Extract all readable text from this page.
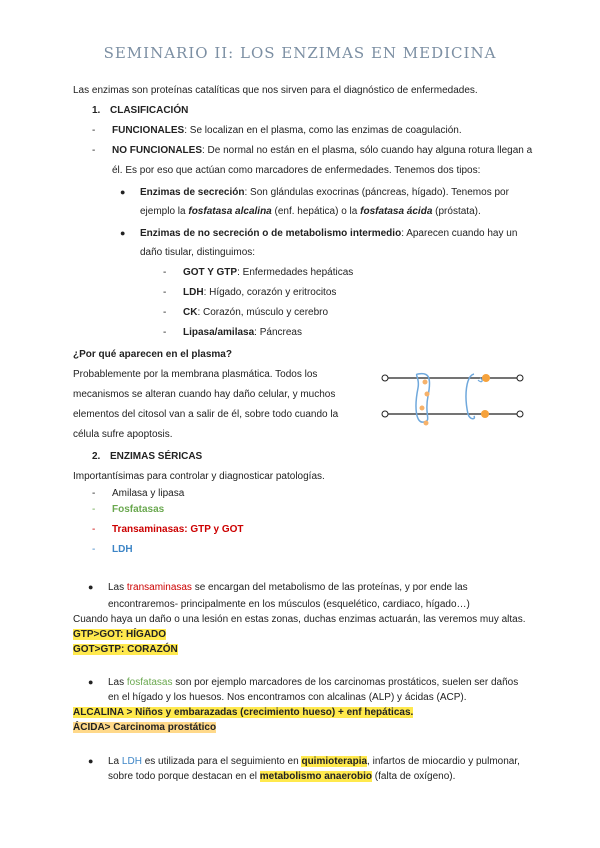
SEMINARIO II: LOS ENZIMAS EN MEDICINA
Las enzimas son proteínas catalíticas que nos sirven para el diagnóstico de enfermedades.
1. CLASIFICACIÓN
- FUNCIONALES: Se localizan en el plasma, como las enzimas de coagulación.
- NO FUNCIONALES: De normal no están en el plasma, sólo cuando hay alguna rotura llegan a
él. Es por eso que actúan como marcadores de enfermedades. Tenemos dos tipos:
● Enzimas de secreción: Son glándulas exocrinas (páncreas, hígado). Tenemos por
ejemplo la fosfatasa alcalina (enf. hepática) o la fosfatasa ácida (próstata).
● Enzimas de no secreción o de metabolismo intermedio: Aparecen cuando hay un
daño tisular, distinguimos:
- GOT Y GTP: Enfermedades hepáticas
- LDH: Hígado, corazón y eritrocitos
- CK: Corazón, músculo y cerebro
- Lipasa/amilasa: Páncreas
¿Por qué aparecen en el plasma?
Probablemente por la membrana plasmática. Todos los
mecanismos se alteran cuando hay daño celular, y muchos
elementos del citosol van a salir de él, sobre todo cuando la
célula sufre apoptosis.
2. ENZIMAS SÉRICAS
Importantísimas para controlar y diagnosticar patologías.
- Amilasa y lipasa
- Fosfatasas
- Transaminasas: GTP y GOT
- LDH
● Las transaminasas se encargan del metabolismo de las proteínas, y por ende las
encontraremos- principalmente en los músculos (esquelético, cardiaco, hígado…)
Cuando haya un daño o una lesión en estas zonas, duchas enzimas actuarán, las veremos muy altas.
GTP>GOT: HÍGADO
GOT>GTP: CORAZÓN
● Las fosfatasas son por ejemplo marcadores de los carcinomas prostáticos, suelen ser daños
en el hígado y los huesos. Nos encontramos con alcalinas (ALP) y ácidas (ACP).
ALCALINA > Niños y embarazadas (crecimiento hueso) + enf hepáticas.
ÁCIDA> Carcinoma prostático
● La LDH es utilizada para el seguimiento en quimioterapia, infartos de miocardio y pulmonar,
sobre todo porque destacan en el metabolismo anaerobio (falta de oxígeno).
